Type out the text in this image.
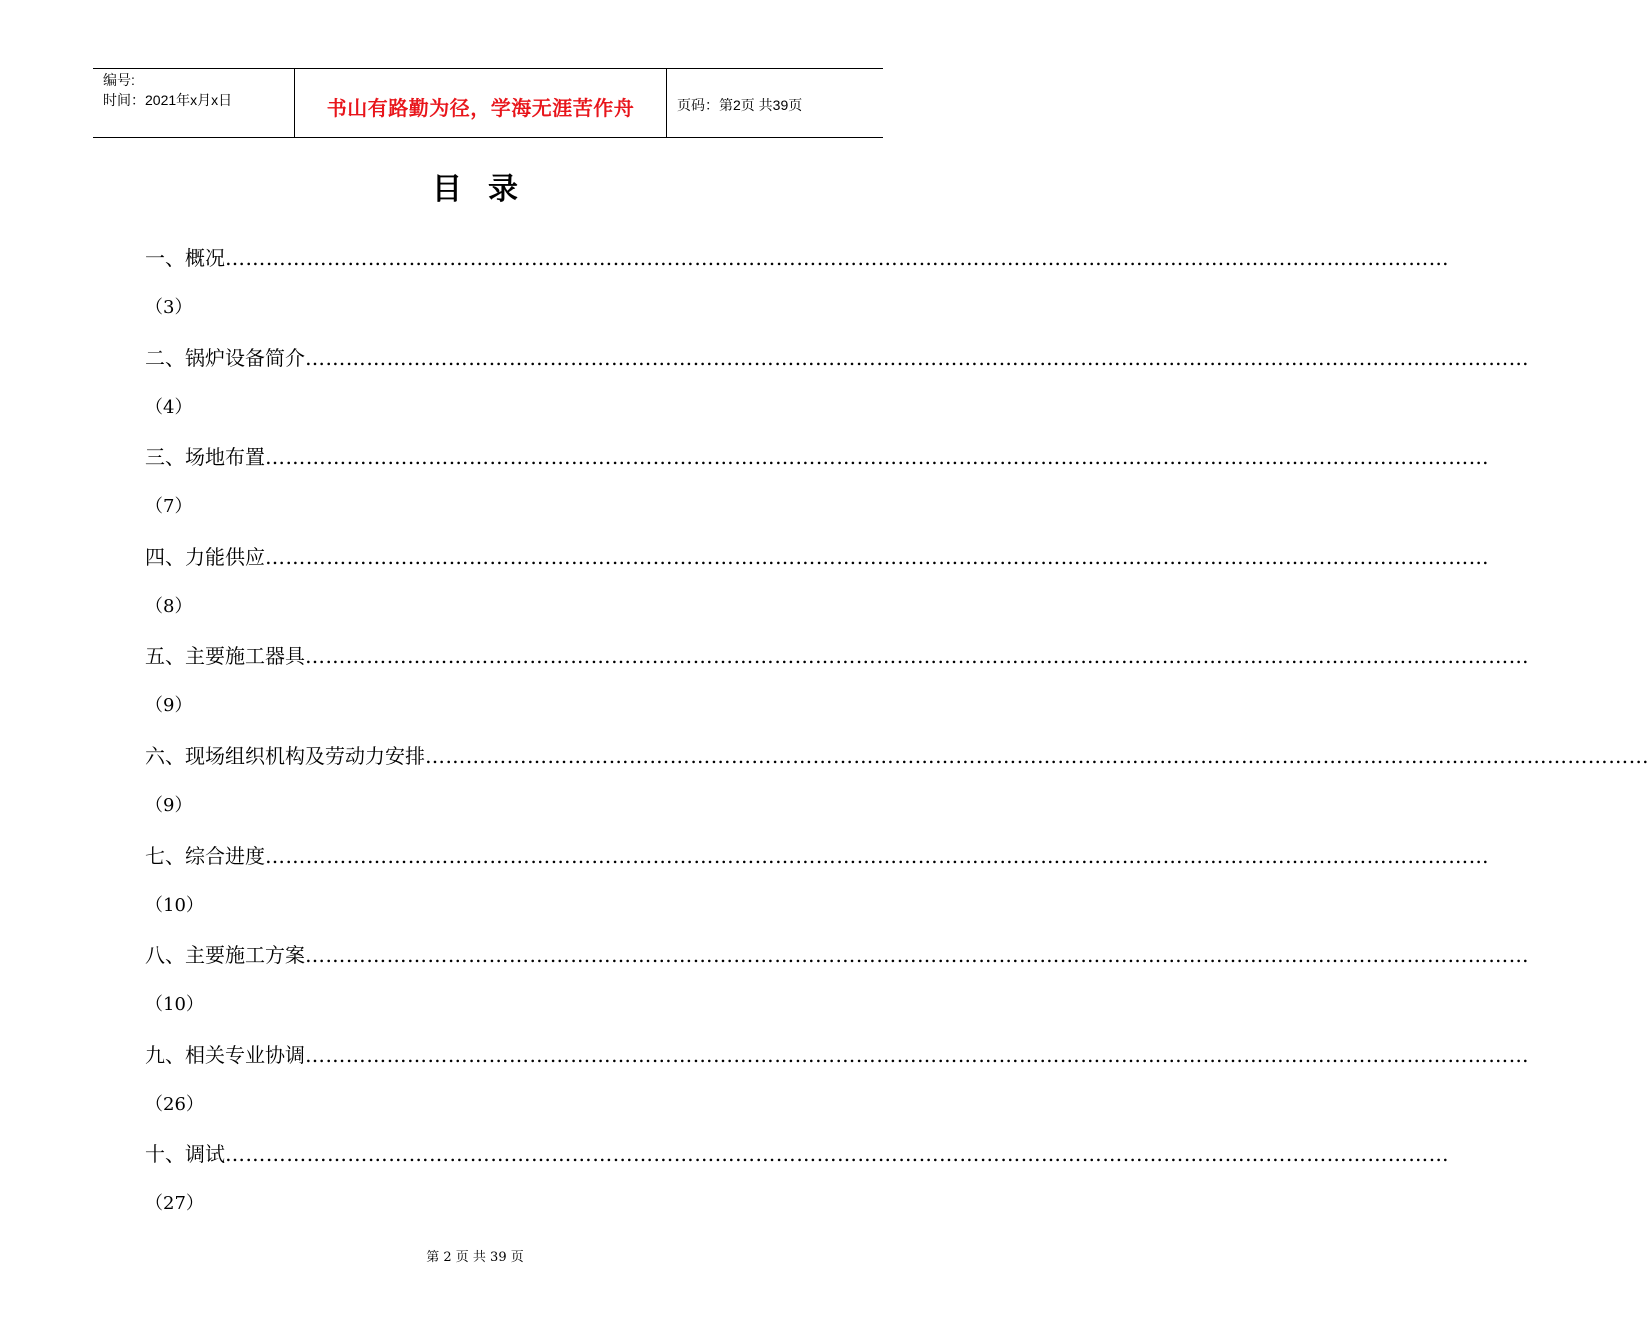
编号:
时间：2021年x月x日	书山有路勤为径，学海无涯苦作舟	页码：第2页 共39页
目录
一、概况………………………………………………………………………………………………………………………………………………………………
（3）
二、锅炉设备简介………………………………………………………………………………………………………………………………………………………………
（4）
三、场地布置………………………………………………………………………………………………………………………………………………………………
（7）
四、力能供应………………………………………………………………………………………………………………………………………………………………
（8）
五、主要施工器具………………………………………………………………………………………………………………………………………………………………
（9）
六、现场组织机构及劳动力安排………………………………………………………………………………………………………………………………………………………………
（9）
七、综合进度………………………………………………………………………………………………………………………………………………………………
（10）
八、主要施工方案………………………………………………………………………………………………………………………………………………………………
（10）
九、相关专业协调………………………………………………………………………………………………………………………………………………………………
（26）
十、调试………………………………………………………………………………………………………………………………………………………………
（27）
第 2 页 共 39 页
